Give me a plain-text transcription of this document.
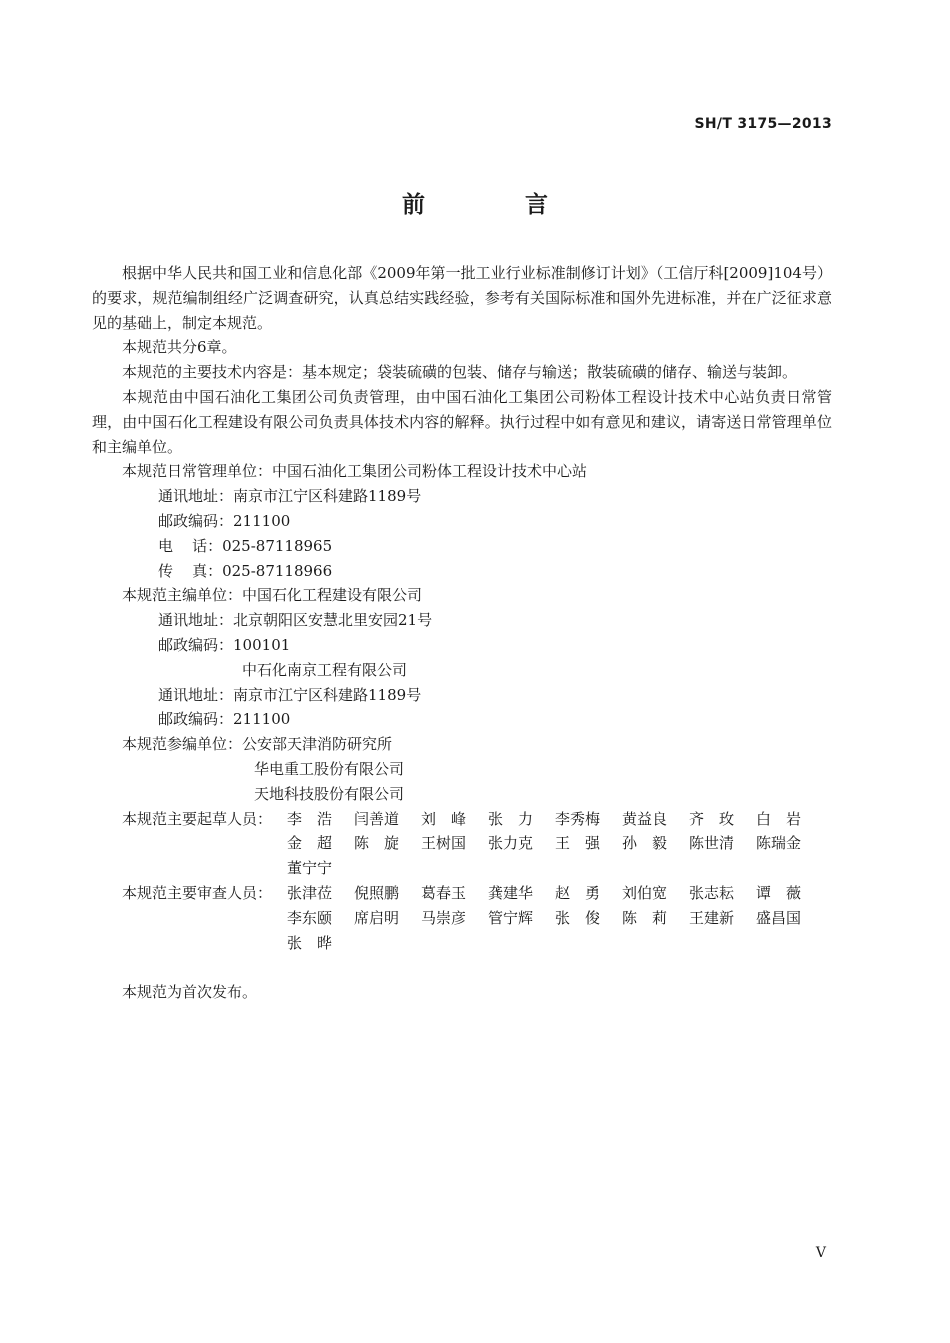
SH/T 3175—2013
前 言

根据中华人民共和国工业和信息化部《2009年第一批工业行业标准制修订计划》（工信厅科[2009]104号）的要求，规范编制组经广泛调查研究，认真总结实践经验，参考有关国际标准和国外先进标准，并在广泛征求意见的基础上，制定本规范。

本规范共分6章。

本规范的主要技术内容是：基本规定；袋装硫磺的包装、储存与输送；散装硫磺的储存、输送与装卸。

本规范由中国石油化工集团公司负责管理，由中国石油化工集团公司粉体工程设计技术中心站负责日常管理，由中国石化工程建设有限公司负责具体技术内容的解释。执行过程中如有意见和建议，请寄送日常管理单位和主编单位。

本规范日常管理单位： 中国石油化工集团公司粉体工程设计技术中心站
通讯地址： 南京市江宁区科建路1189号
邮政编码： 211100
电    话： 025-87118965
传    真： 025-87118966
本规范主编单位： 中国石化工程建设有限公司
通讯地址： 北京朝阳区安慧北里安园21号
邮政编码： 100101
中石化南京工程有限公司
通讯地址： 南京市江宁区科建路1189号
邮政编码： 211100
本规范参编单位： 公安部天津消防研究所
华电重工股份有限公司
天地科技股份有限公司
本规范主要起草人员： 李　浩	闫善道	刘　峰	张　力	李秀梅	黄益良	齐　玫	白　岩
金　超	陈　旋	王树国	张力克	王　强	孙　毅	陈世清	陈瑞金
董宁宁
本规范主要审查人员： 张津莅	倪照鹏	葛春玉	龚建华	赵　勇	刘伯宽	张志耘	谭　薇
李东颐	席启明	马崇彦	管宁辉	张　俊	陈　莉	王建新	盛昌国
张　晔
本规范为首次发布。
V
